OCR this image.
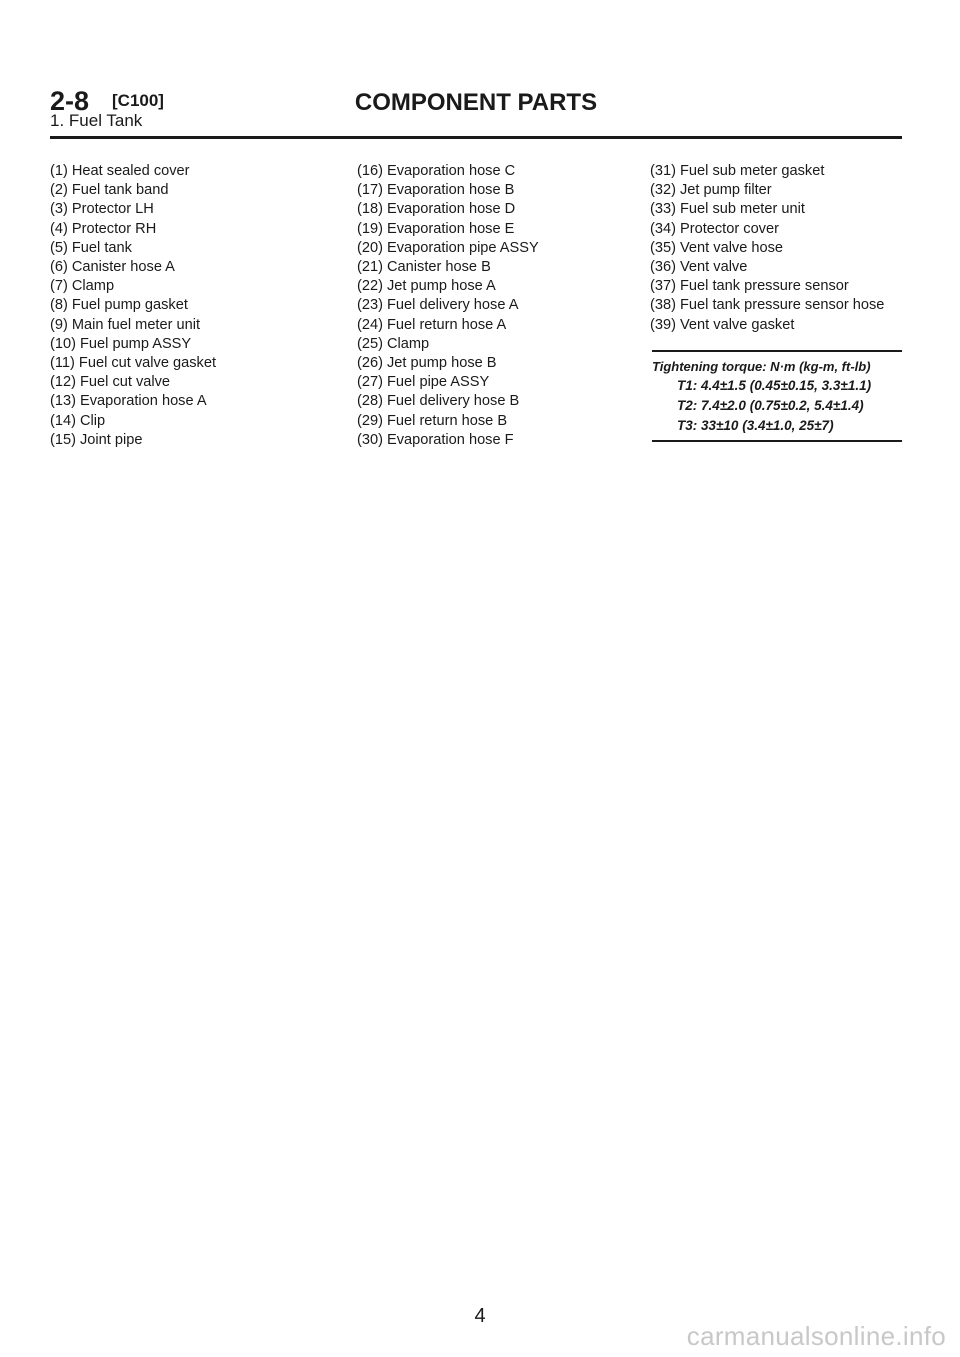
2-8 [C100]	COMPONENT PARTS
1. Fuel Tank
(1) Heat sealed cover
(2) Fuel tank band
(3) Protector LH
(4) Protector RH
(5) Fuel tank
(6) Canister hose A
(7) Clamp
(8) Fuel pump gasket
(9) Main fuel meter unit
(10) Fuel pump ASSY
(11) Fuel cut valve gasket
(12) Fuel cut valve
(13) Evaporation hose A
(14) Clip
(15) Joint pipe
(16) Evaporation hose C
(17) Evaporation hose B
(18) Evaporation hose D
(19) Evaporation hose E
(20) Evaporation pipe ASSY
(21) Canister hose B
(22) Jet pump hose A
(23) Fuel delivery hose A
(24) Fuel return hose A
(25) Clamp
(26) Jet pump hose B
(27) Fuel pipe ASSY
(28) Fuel delivery hose B
(29) Fuel return hose B
(30) Evaporation hose F
(31) Fuel sub meter gasket
(32) Jet pump filter
(33) Fuel sub meter unit
(34) Protector cover
(35) Vent valve hose
(36) Vent valve
(37) Fuel tank pressure sensor
(38) Fuel tank pressure sensor hose
(39) Vent valve gasket
Tightening torque: N·m (kg-m, ft-lb)
T1: 4.4±1.5 (0.45±0.15, 3.3±1.1)
T2: 7.4±2.0 (0.75±0.2, 5.4±1.4)
T3: 33±10 (3.4±1.0, 25±7)
4
carmanualsonline.info
